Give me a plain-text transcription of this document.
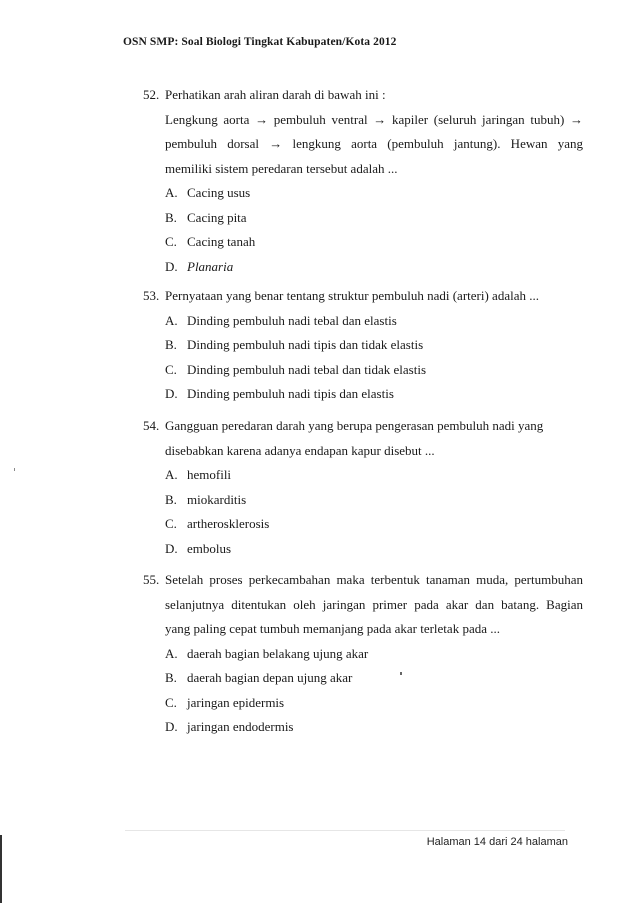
OSN SMP: Soal Biologi Tingkat Kabupaten/Kota 2012
52. Perhatikan arah aliran darah di bawah ini :
Lengkung aorta → pembuluh ventral → kapiler (seluruh jaringan tubuh) →
pembuluh dorsal → lengkung aorta (pembuluh jantung). Hewan yang
memiliki sistem peredaran tersebut adalah ...
A. Cacing usus
B. Cacing pita
C. Cacing tanah
D. Planaria
53. Pernyataan yang benar tentang struktur pembuluh nadi (arteri) adalah ...
A. Dinding pembuluh nadi tebal dan elastis
B. Dinding pembuluh nadi tipis dan tidak elastis
C. Dinding pembuluh nadi tebal dan tidak elastis
D. Dinding pembuluh nadi tipis dan elastis
54. Gangguan peredaran darah yang berupa pengerasan pembuluh nadi yang
disebabkan karena adanya endapan kapur disebut ...
A. hemofili
B. miokarditis
C. artherosklerosis
D. embolus
55. Setelah proses perkecambahan maka terbentuk tanaman muda, pertumbuhan
selanjutnya ditentukan oleh jaringan primer pada akar dan batang. Bagian
yang paling cepat tumbuh memanjang pada akar terletak pada ...
A. daerah bagian belakang ujung akar
B. daerah bagian depan ujung akar
C. jaringan epidermis
D. jaringan endodermis
Halaman 14 dari 24 halaman
